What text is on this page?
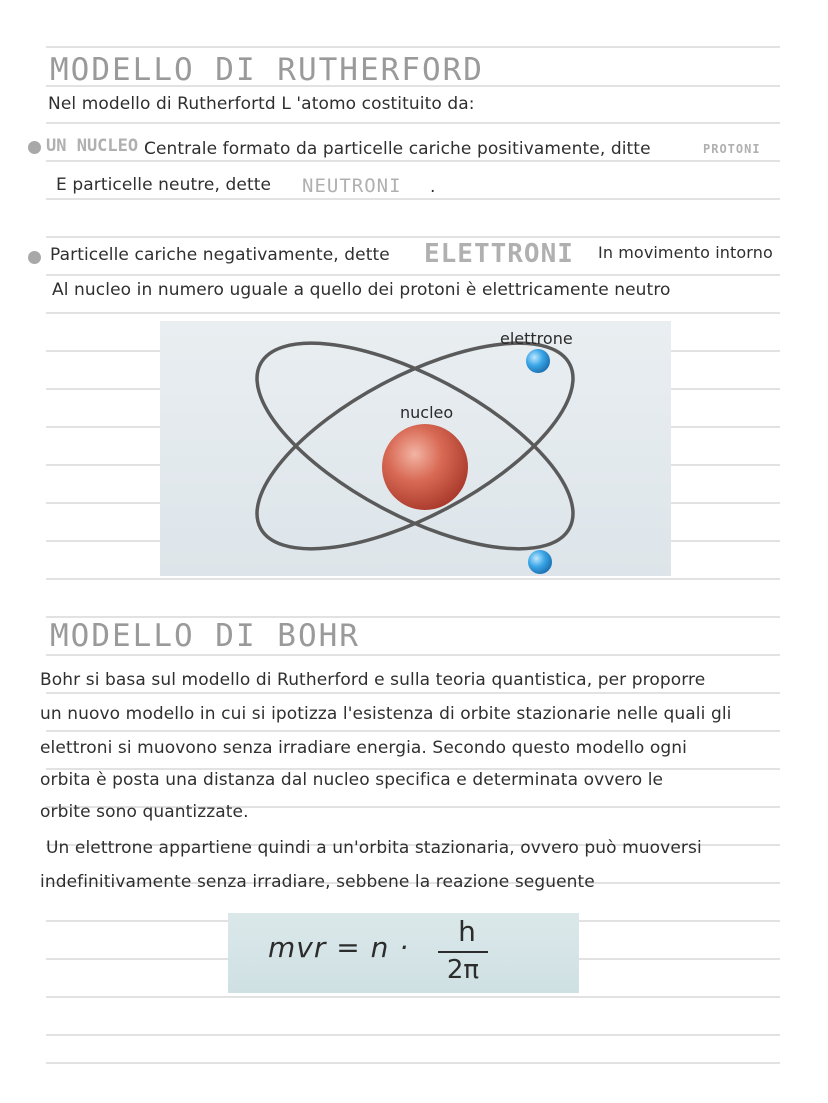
MODELLO DI RUTHERFORD

Nel modello di Rutherfortd L 'atomo costituito da:

UN NUCLEO Centrale formato da particelle cariche positivamente, ditte	PROTONI
E particelle neutre, dette NEUTRONI .
Particelle cariche negativamente, dette ELETTRONI In movimento intorno
Al nucleo in numero uguale a quello dei protoni è elettricamente neutro
elettrone
nucleo
MODELLO DI BOHR

Bohr si basa sul modello di Rutherford e sulla teoria quantistica, per proporre

un nuovo modello in cui si ipotizza l'esistenza di orbite stazionarie nelle quali gli

elettroni si muovono senza irradiare energia. Secondo questo modello ogni

orbita è posta una distanza dal nucleo specifica e determinata ovvero le

orbite sono quantizzate.

Un elettrone appartiene quindi a un'orbita stazionaria, ovvero può muoversi

indefinitivamente senza irradiare, sebbene la reazione seguente

mvr = n · h
2π
